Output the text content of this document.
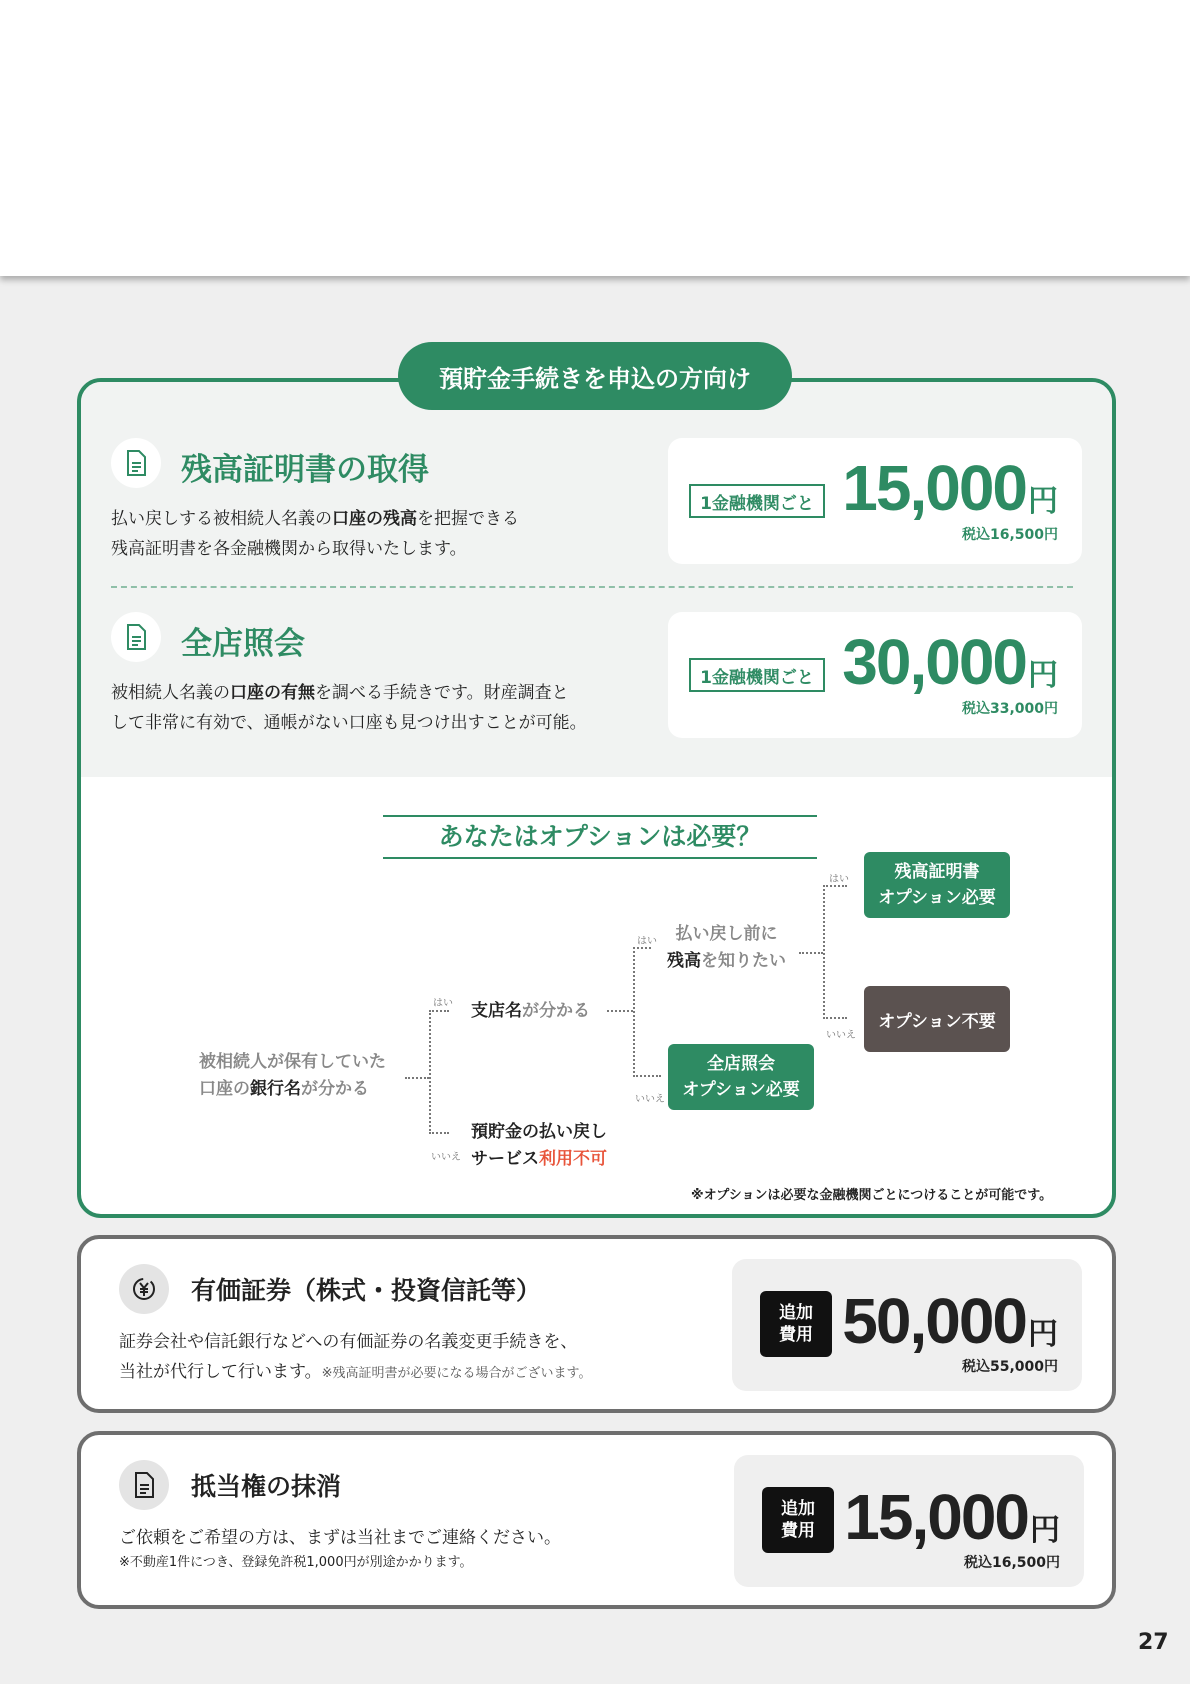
残高証明書の取得
払い戻しする被相続人名義の口座の残高を把握できる
残高証明書を各金融機関から取得いたします。
1金融機関ごと 15,000 円
税込16,500円
全店照会
被相続人名義の口座の有無を調べる手続きです。財産調査と
して非常に有効で、通帳がない口座も見つけ出すことが可能。
1金融機関ごと 30,000 円
税込33,000円
あなたはオプションは必要？
被相続人が保有していた
口座の銀行名が分かる
はい
いいえ
支店名が分かる
預貯金の払い戻し
サービス利用不可
はい
いいえ
払い戻し前に
残高を知りたい
全店照会
オプション必要
はい
いいえ
残高証明書
オプション必要
オプション不要
※オプションは必要な金融機関ごとにつけることが可能です。
預貯金手続きを申込の方向け
有価証券（株式・投資信託等）
証券会社や信託銀行などへの有価証券の名義変更手続きを、
当社が代行して行います。※残高証明書が必要になる場合がございます。
追加
費用 50,000 円
税込55,000円
抵当権の抹消
ご依頼をご希望の方は、まずは当社までご連絡ください。
※不動産1件につき、登録免許税1,000円が別途かかります。
追加
費用 15,000 円
税込16,500円
27
